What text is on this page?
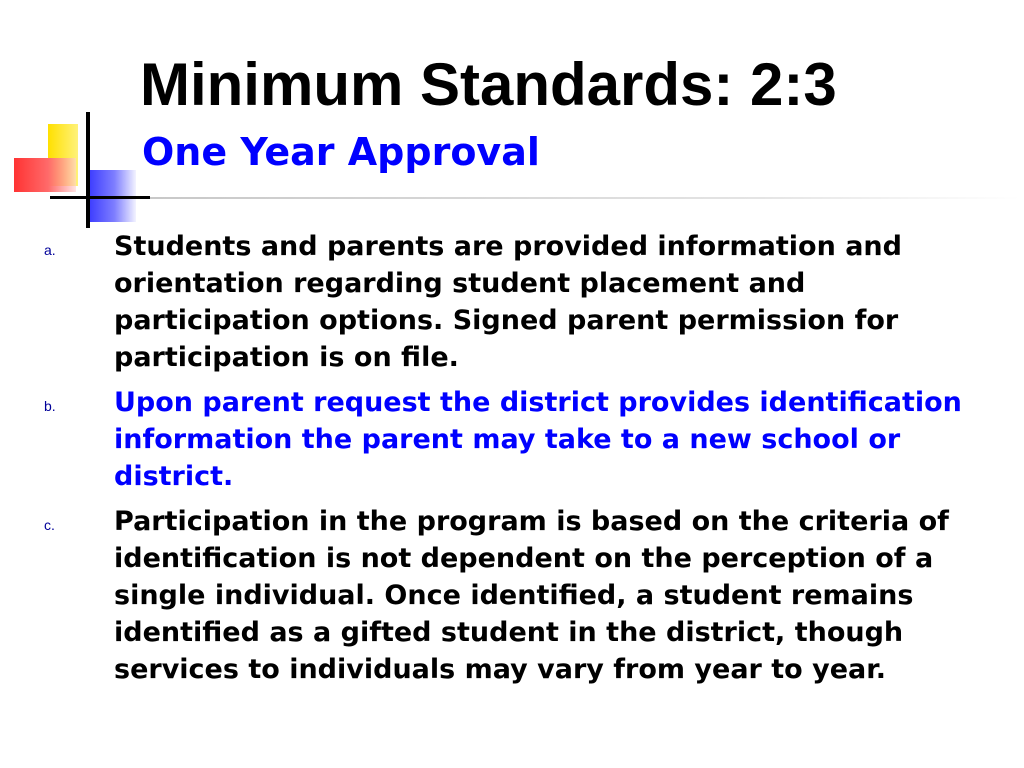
Minimum Standards: 2:3
One Year Approval
a. Students and parents are provided information and orientation regarding student placement and participation options. Signed parent permission for participation is on file.
b. Upon parent request the district provides identification information the parent may take to a new school or district.
c. Participation in the program is based on the criteria of identification is not dependent on the perception of a single individual. Once identified, a student remains identified as a gifted student in the district, though services to individuals may vary from year to year.
